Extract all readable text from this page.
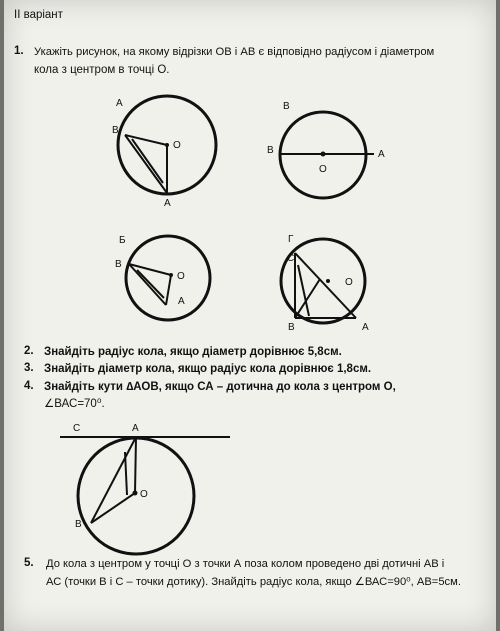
II варіант
1. Укажіть рисунок, на якому відрізки ОВ і АВ є відповідно радіусом і діаметром
кола з центром в точці О.
2. Знайдіть радіус кола, якщо діаметр дорівнює 5,8см.
3. Знайдіть діаметр кола, якщо радіус кола дорівнює 1,8см.
4. Знайдіть кути ∆АОВ, якщо СА – дотична до кола з центром О,
∠ВАС=70⁰.
5. До кола з центром у точці О з точки А поза колом проведено дві дотичні АВ і
АС (точки В і С – точки дотику). Знайдіть радіус кола, якщо ∠ВАС=90⁰, АВ=5см.
А
В
О
А
В
В	А
О
Б
В
О
А
Г
С
О
В	А
С	А
О
В
